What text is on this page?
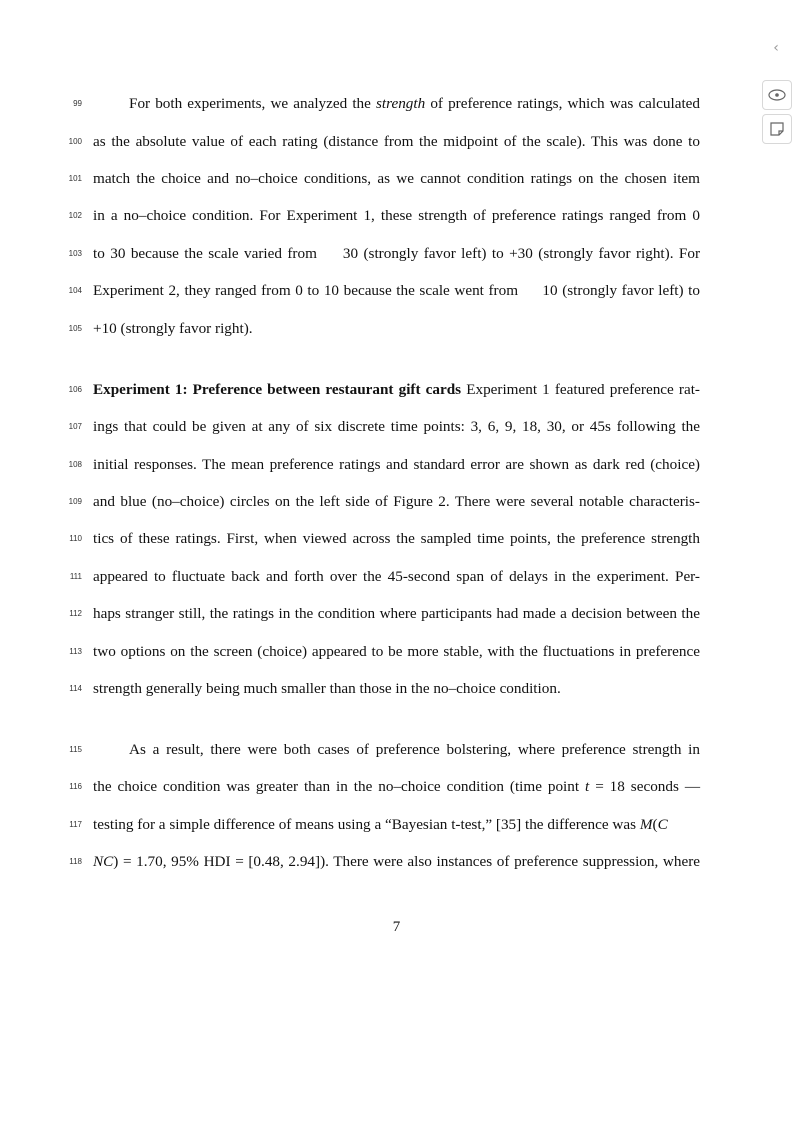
‹
99	For both experiments, we analyzed the strength of preference ratings, which was calculated
100 as the absolute value of each rating (distance from the midpoint of the scale). This was done to
101 match the choice and no–choice conditions, as we cannot condition ratings on the chosen item
102 in a no–choice condition. For Experiment 1, these strength of preference ratings ranged from 0
103 to 30 because the scale varied from   30 (strongly favor left) to +30 (strongly favor right). For
104 Experiment 2, they ranged from 0 to 10 because the scale went from   10 (strongly favor left) to
105 +10 (strongly favor right).
106 Experiment 1: Preference between restaurant gift cards Experiment 1 featured preference rat-
107 ings that could be given at any of six discrete time points: 3, 6, 9, 18, 30, or 45s following the
108 initial responses. The mean preference ratings and standard error are shown as dark red (choice)
109 and blue (no–choice) circles on the left side of Figure 2. There were several notable characteris-
110 tics of these ratings. First, when viewed across the sampled time points, the preference strength
111 appeared to fluctuate back and forth over the 45-second span of delays in the experiment. Per-
112 haps stranger still, the ratings in the condition where participants had made a decision between the
113 two options on the screen (choice) appeared to be more stable, with the fluctuations in preference
114 strength generally being much smaller than those in the no–choice condition.
115	As a result, there were both cases of preference bolstering, where preference strength in
116 the choice condition was greater than in the no–choice condition (time point t = 18 seconds —
117 testing for a simple difference of means using a “Bayesian t-test,” [35] the difference was M(C
118 NC) = 1.70, 95% HDI = [0.48, 2.94]). There were also instances of preference suppression, where
7
